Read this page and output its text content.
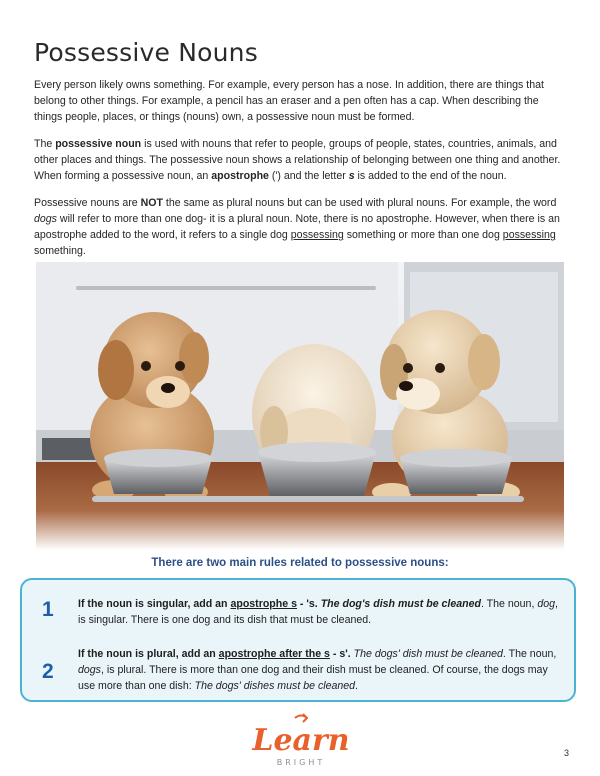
Possessive Nouns

Every person likely owns something. For example, every person has a nose. In addition, there are things that belong to other things. For example, a pencil has an eraser and a pen often has a cap. When describing the things people, places, or things (nouns) own, a possessive noun must be formed.

The possessive noun is used with nouns that refer to people, groups of people, states, countries, animals, and other places and things. The possessive noun shows a relationship of belonging between one thing and another. When forming a possessive noun, an apostrophe (') and the letter s is added to the end of the noun.

Possessive nouns are NOT the same as plural nouns but can be used with plural nouns. For example, the word dogs will refer to more than one dog- it is a plural noun. Note, there is no apostrophe. However, when there is an apostrophe added to the word, it refers to a single dog possessing something or more than one dog possessing something.

There are two main rules related to possessive nouns:
1 If the noun is singular, add an apostrophe s - 's. The dog's dish must be cleaned. The noun, dog, is singular. There is one dog and its dish that must be cleaned.

2

If the noun is plural, add an apostrophe after the s - s'. The dogs' dish must be cleaned. The noun, dogs, is plural. There is more than one dog and their dish must be cleaned. Of course, the dogs may use more than one dish: The dogs' dishes must be cleaned.

Learn
BRIGHT
3
